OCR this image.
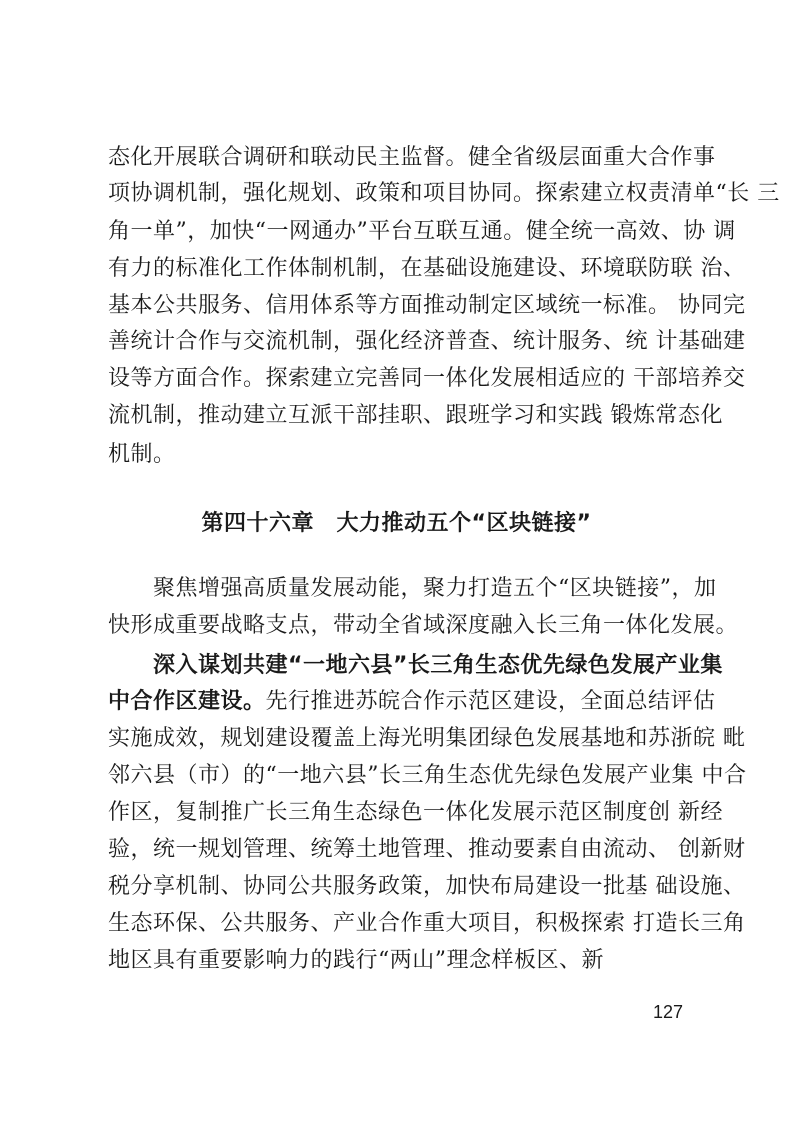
态化开展联合调研和联动民主监督。健全省级层面重大合作事
项协调机制，强化规划、政策和项目协同。探索建立权责清单“长 三
角一单”，加快“一网通办”平台互联互通。健全统一高效、协 调
有力的标准化工作体制机制，在基础设施建设、环境联防联 治、
基本公共服务、信用体系等方面推动制定区域统一标准。 协同完
善统计合作与交流机制，强化经济普查、统计服务、统 计基础建
设等方面合作。探索建立完善同一体化发展相适应的 干部培养交
流机制，推动建立互派干部挂职、跟班学习和实践 锻炼常态化
机制。
第四十六章　大力推动五个“区块链接”
　　聚焦增强高质量发展动能，聚力打造五个“区块链接”，加
快形成重要战略支点，带动全省域深度融入长三角一体化发展。
　　深入谋划共建“一地六县”长三角生态优先绿色发展产业集
中合作区建设。先行推进苏皖合作示范区建设，全面总结评估
实施成效，规划建设覆盖上海光明集团绿色发展基地和苏浙皖 毗
邻六县（市）的“一地六县”长三角生态优先绿色发展产业集 中合
作区，复制推广长三角生态绿色一体化发展示范区制度创 新经
验，统一规划管理、统筹土地管理、推动要素自由流动、 创新财
税分享机制、协同公共服务政策，加快布局建设一批基 础设施、
生态环保、公共服务、产业合作重大项目，积极探索 打造长三角
地区具有重要影响力的践行“两山”理念样板区、新
127
